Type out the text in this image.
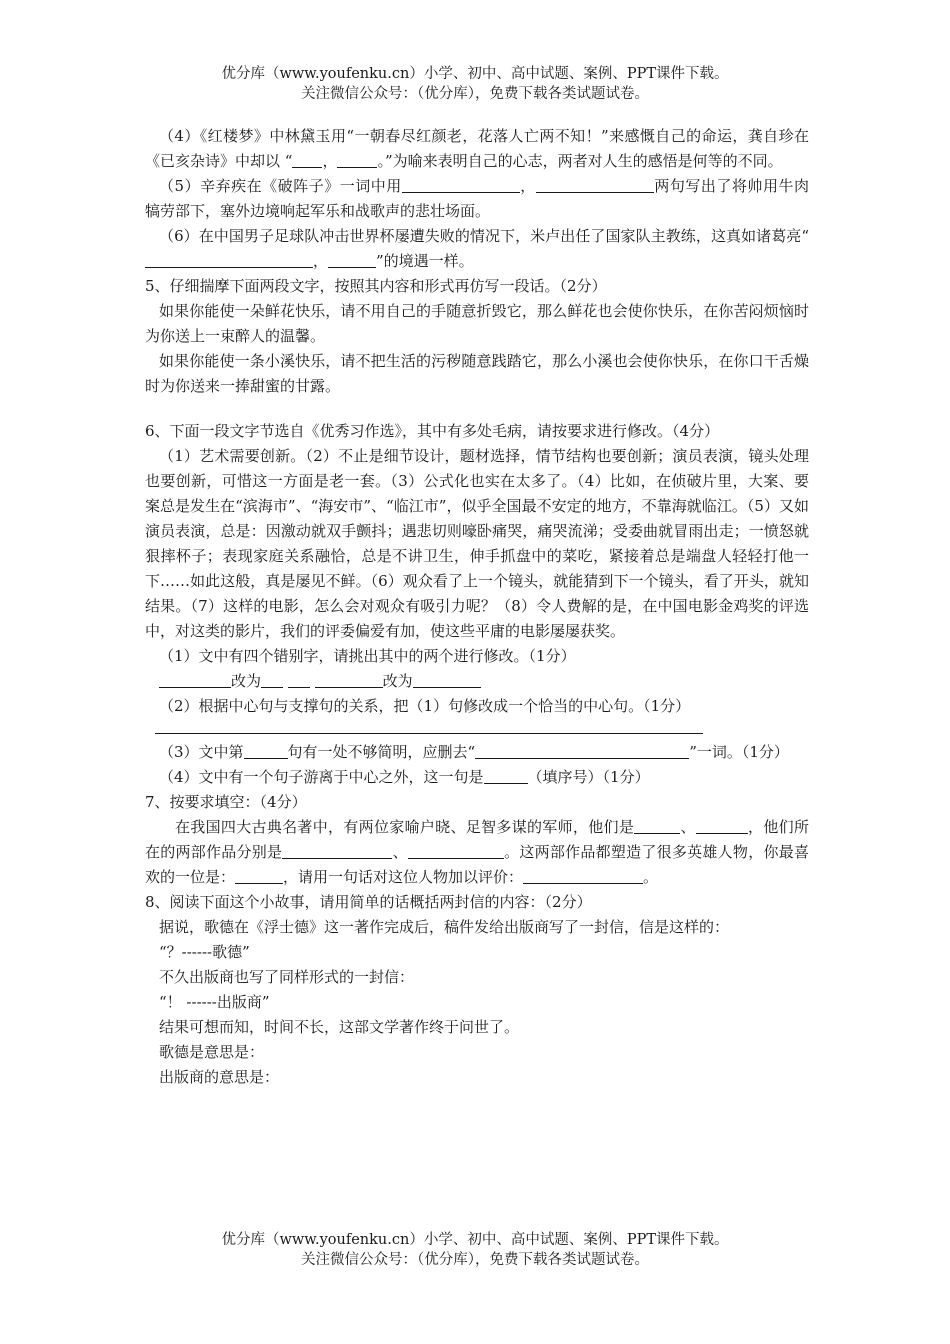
优分库（www.youfenku.cn）小学、初中、高中试题、案例、PPT课件下载。
关注微信公众号：（优分库），免费下载各类试题试卷。
（4）《红楼梦》中林黛玉用“一朝春尽红颜老，花落人亡两不知！”来感慨自己的命运，龚自珍在《已亥杂诗》中却以 “ ，	。”为喻来表明自己的心志，两者对人生的感悟是何等的不同。
（5）辛弃疾在《破阵子》一词中用	，	两句写出了将帅用牛肉犒劳部下，塞外边境响起军乐和战歌声的悲壮场面。
（6）在中国男子足球队冲击世界杯屡遭失败的情况下，米卢出任了国家队主教练，这真如诸葛亮“，	”的境遇一样。
5、仔细揣摩下面两段文字，按照其内容和形式再仿写一段话。（2分）
如果你能使一朵鲜花快乐，请不用自己的手随意折毁它，那么鲜花也会使你快乐，在你苦闷烦恼时为你送上一束醉人的温馨。
如果你能使一条小溪快乐，请不把生活的污秽随意践踏它，那么小溪也会使你快乐，在你口干舌燥时为你送来一捧甜蜜的甘露。
6、下面一段文字节选自《优秀习作选》，其中有多处毛病，请按要求进行修改。（4分）
（1）艺术需要创新。（2）不止是细节设计，题材选择，情节结构也要创新；演员表演，镜头处理也要创新，可惜这一方面是老一套。（3）公式化也实在太多了。（4）比如，在侦破片里，大案、要案总是发生在“滨海市”、“海安市”、“临江市”，似乎全国最不安定的地方，不靠海就临江。（5）又如演员表演，总是：因激动就双手颤抖；遇悲切则嚎卧痛哭，痛哭流涕；受委曲就冒雨出走；一愤怒就狠摔杯子；表现家庭关系融恰，总是不讲卫生，伸手抓盘中的菜吃，紧接着总是端盘人轻轻打他一下……如此这般，真是屡见不鲜。（6）观众看了上一个镜头，就能猜到下一个镜头，看了开头，就知结果。（7）这样的电影，怎么会对观众有吸引力呢？（8）令人费解的是，在中国电影金鸡奖的评选中，对这类的影片，我们的评委偏爱有加，使这些平庸的电影屡屡获奖。
（1）文中有四个错别字，请挑出其中的两个进行修改。（1分）
改为	改为
（2）根据中心句与支撑句的关系，把（1）句修改成一个恰当的中心句。（1分）
（3）文中第	句有一处不够简明，应删去“	”一词。（1分）
（4）文中有一个句子游离于中心之外，这一句是	（填序号）（1分）
7、按要求填空：（4分）
在我国四大古典名著中，有两位家喻户晓、足智多谋的军师，他们是	、	，他们所在的两部作品分别是	、	。这两部作品都塑造了很多英雄人物，你最喜欢的一位是：	，请用一句话对这位人物加以评价：	。
8、阅读下面这个小故事，请用简单的话概括两封信的内容：（2分）
据说，歌德在《浮士德》这一著作完成后，稿件发给出版商写了一封信，信是这样的：
“？------歌德”
不久出版商也写了同样形式的一封信：
“！ ------出版商”
结果可想而知，时间不长，这部文学著作终于问世了。
歌德是意思是：
出版商的意思是：
优分库（www.youfenku.cn）小学、初中、高中试题、案例、PPT课件下载。
关注微信公众号：（优分库），免费下载各类试题试卷。
